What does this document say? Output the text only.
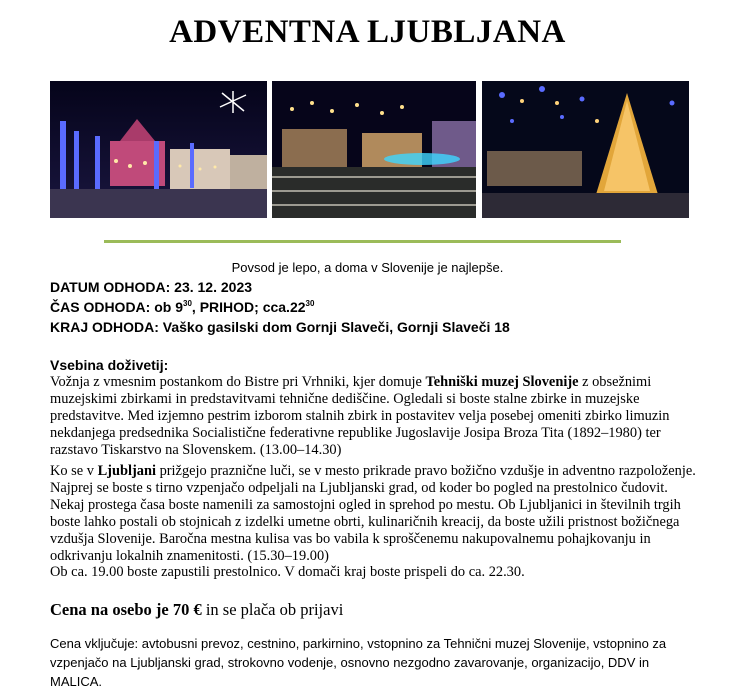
ADVENTNA LJUBLJANA
Povsod je lepo, a doma v Slovenije je najlepše.
DATUM ODHODA: 23. 12. 2023
ČAS ODHODA: ob $9^{30}$, PRIHOD; $cca.22^{30}$
KRAJ ODHODA: Vaško gasilski dom Gornji Slaveči, Gornji Slaveči 18
Vsebina doživetij:
Vožnja z vmesnim postankom do Bistre pri Vrhniki, kjer domuje Tehniški muzej Slovenije z obsežnimi muzejskimi zbirkami in predstavitvami tehnične dediščine. Ogledali si boste stalne zbirke in muzejske predstavitve. Med izjemno pestrim izborom stalnih zbirk in postavitev velja posebej omeniti zbirko limuzin nekdanjega predsednika Socialistične federativne republike Jugoslavije Josipa Broza Tita (1892–1980) ter razstavo Tiskarstvo na Slovenskem. (13.00–14.30)
Ko se v Ljubljani prižgejo praznične luči, se v mesto prikrade pravo božično vzdušje in adventno razpoloženje. Najprej se boste s tirno vzpenjačo odpeljali na Ljubljanski grad, od koder bo pogled na prestolnico čudovit. Nekaj prostega časa boste namenili za samostojni ogled in sprehod po mestu. Ob Ljubljanici in številnih trgih boste lahko postali ob stojnicah z izdelki umetne obrti, kulinaričnih kreacij, da boste užili pristnost božičnega vzdušja Slovenije. Baročna mestna kulisa vas bo vabila k sproščenemu nakupovalnemu pohajkovanju in odkrivanju lokalnih znamenitosti. (15.30–19.00)
Ob ca. 19.00 boste zapustili prestolnico. V domači kraj boste prispeli do ca. 22.30.
Cena na osebo je 70 € in se plača ob prijavi
Cena vključuje: avtobusni prevoz, cestnino, parkirnino, vstopnino za Tehnični muzej Slovenije, vstopnino za vzpenjačo na Ljubljanski grad, strokovno vodenje, osnovno nezgodno zavarovanje, organizacijo, DDV in MALICA.
